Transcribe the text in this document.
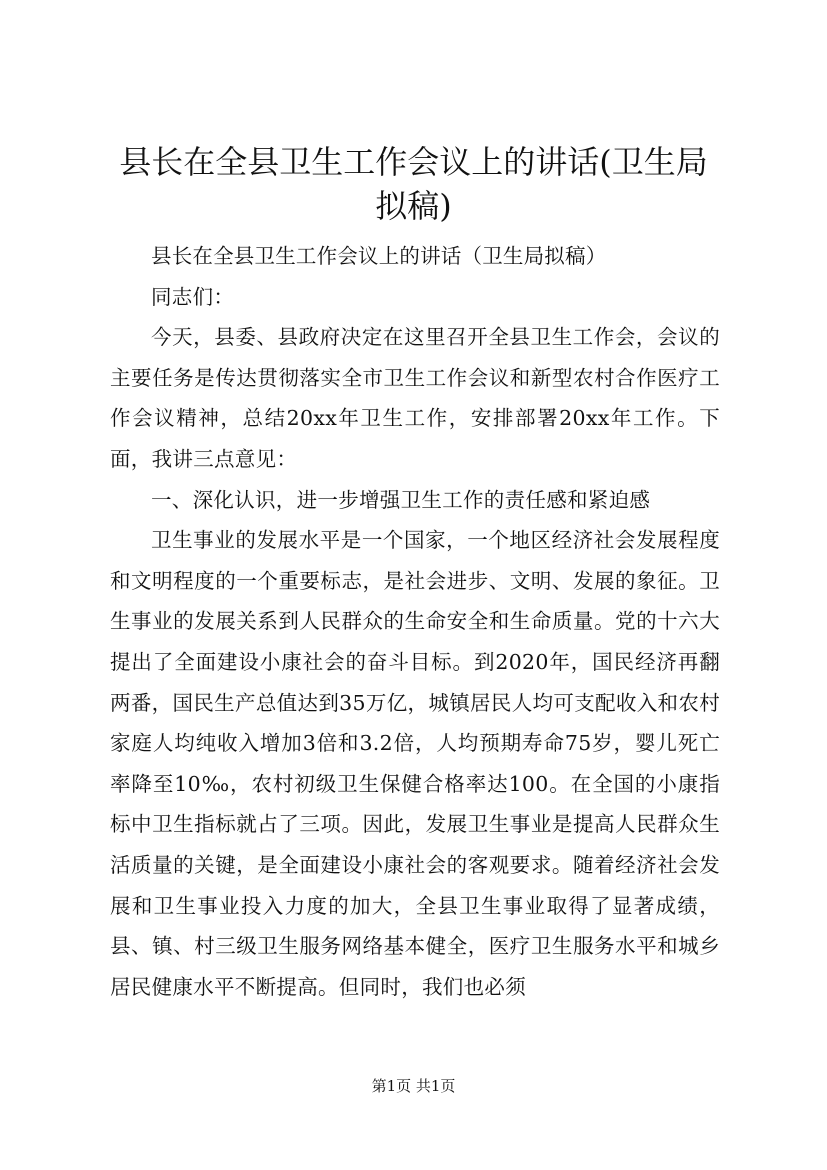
县长在全县卫生工作会议上的讲话(卫生局拟稿)

县长在全县卫生工作会议上的讲话（卫生局拟稿）

同志们：

今天，县委、县政府决定在这里召开全县卫生工作会，会议的主要任务是传达贯彻落实全市卫生工作会议和新型农村合作医疗工作会议精神，总结20xx年卫生工作，安排部署20xx年工作。下面，我讲三点意见：

一、深化认识，进一步增强卫生工作的责任感和紧迫感

卫生事业的发展水平是一个国家，一个地区经济社会发展程度和文明程度的一个重要标志，是社会进步、文明、发展的象征。卫生事业的发展关系到人民群众的生命安全和生命质量。党的十六大提出了全面建设小康社会的奋斗目标。到2020年，国民经济再翻两番，国民生产总值达到35万亿，城镇居民人均可支配收入和农村家庭人均纯收入增加3倍和3.2倍，人均预期寿命75岁，婴儿死亡率降至10‰，农村初级卫生保健合格率达100。在全国的小康指标中卫生指标就占了三项。因此，发展卫生事业是提高人民群众生活质量的关键，是全面建设小康社会的客观要求。随着经济社会发展和卫生事业投入力度的加大，全县卫生事业取得了显著成绩，县、镇、村三级卫生服务网络基本健全，医疗卫生服务水平和城乡居民健康水平不断提高。但同时，我们也必须

第1页 共1页
